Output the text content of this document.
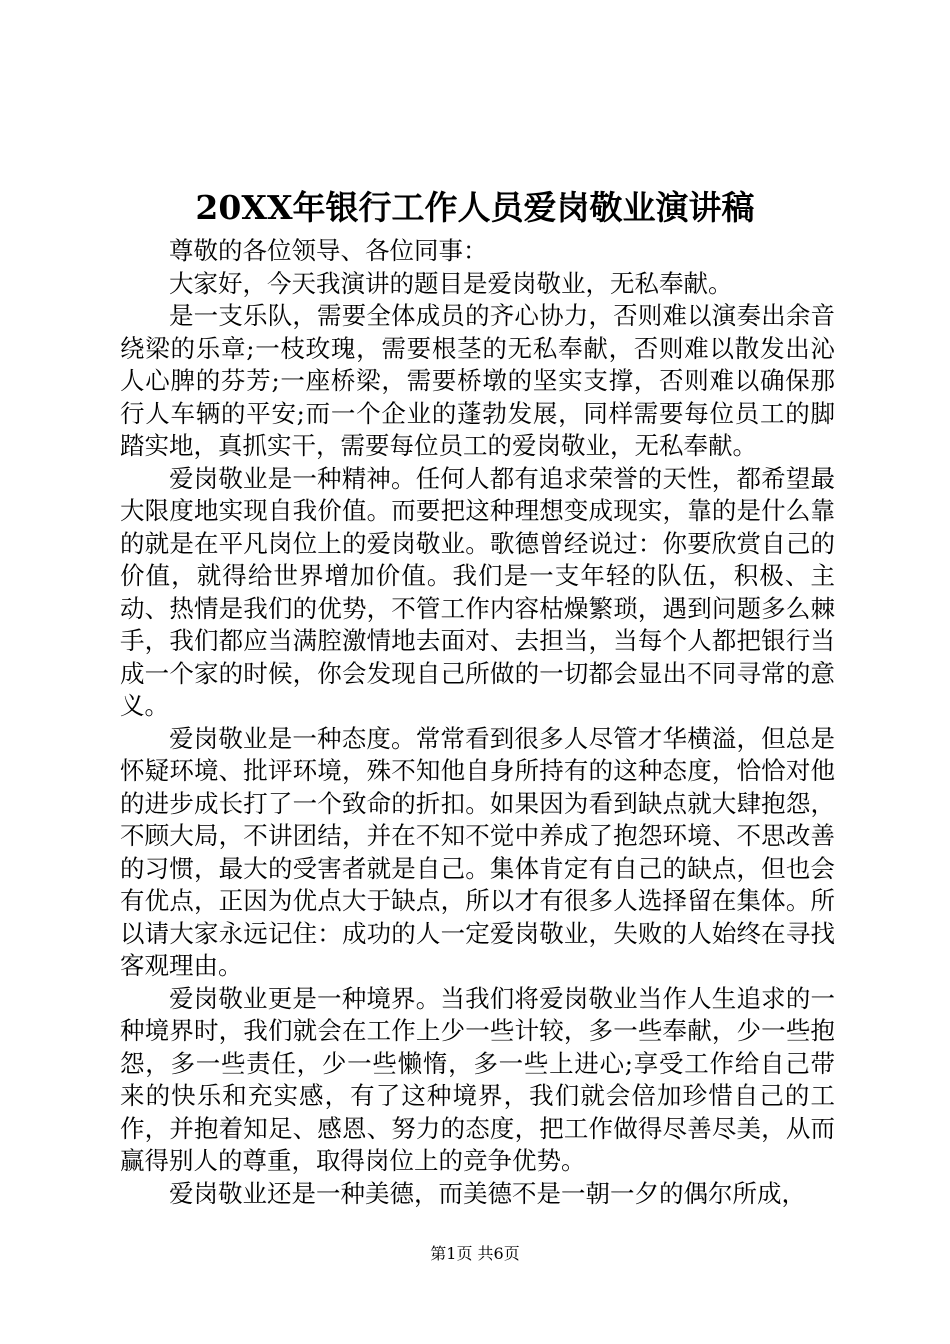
20XX年银行工作人员爱岗敬业演讲稿

尊敬的各位领导、各位同事：

大家好，今天我演讲的题目是爱岗敬业，无私奉献。

是一支乐队，需要全体成员的齐心协力，否则难以演奏出余音绕梁的乐章;一枝玫瑰，需要根茎的无私奉献，否则难以散发出沁人心脾的芬芳;一座桥梁，需要桥墩的坚实支撑，否则难以确保那行人车辆的平安;而一个企业的蓬勃发展，同样需要每位员工的脚踏实地，真抓实干，需要每位员工的爱岗敬业，无私奉献。

爱岗敬业是一种精神。任何人都有追求荣誉的天性，都希望最大限度地实现自我价值。而要把这种理想变成现实，靠的是什么靠的就是在平凡岗位上的爱岗敬业。歌德曾经说过：你要欣赏自己的价值，就得给世界增加价值。我们是一支年轻的队伍，积极、主动、热情是我们的优势，不管工作内容枯燥繁琐，遇到问题多么棘手，我们都应当满腔激情地去面对、去担当，当每个人都把银行当成一个家的时候，你会发现自己所做的一切都会显出不同寻常的意义。

爱岗敬业是一种态度。常常看到很多人尽管才华横溢，但总是怀疑环境、批评环境，殊不知他自身所持有的这种态度，恰恰对他的进步成长打了一个致命的折扣。如果因为看到缺点就大肆抱怨，不顾大局，不讲团结，并在不知不觉中养成了抱怨环境、不思改善的习惯，最大的受害者就是自己。集体肯定有自己的缺点，但也会有优点，正因为优点大于缺点，所以才有很多人选择留在集体。所以请大家永远记住：成功的人一定爱岗敬业，失败的人始终在寻找客观理由。

爱岗敬业更是一种境界。当我们将爱岗敬业当作人生追求的一种境界时，我们就会在工作上少一些计较，多一些奉献，少一些抱怨，多一些责任，少一些懒惰，多一些上进心;享受工作给自己带来的快乐和充实感，有了这种境界，我们就会倍加珍惜自己的工作，并抱着知足、感恩、努力的态度，把工作做得尽善尽美，从而赢得别人的尊重，取得岗位上的竞争优势。

爱岗敬业还是一种美德，而美德不是一朝一夕的偶尔所成，

第1页 共6页
